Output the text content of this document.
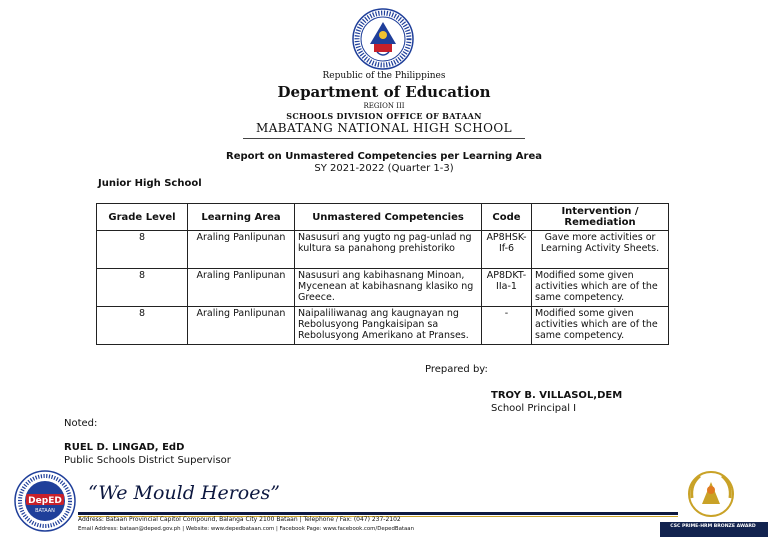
Republic of the Philippines
Department of Education
REGION III
SCHOOLS DIVISION OFFICE OF BATAAN
MABATANG NATIONAL HIGH SCHOOL
Report on Unmastered Competencies per Learning Area
SY 2021-2022 (Quarter 1-3)
Junior High School
Grade Level	Learning Area	Unmastered Competencies	Code	Intervention / Remediation
8	Araling Panlipunan	Nasusuri ang yugto ng pag-unlad ng kultura sa panahong prehistoriko	AP8HSK-If-6	Gave more activities or Learning Activity Sheets.
8	Araling Panlipunan	Nasusuri ang kabihasnang Minoan, Mycenean at kabihasnang klasiko ng Greece.	AP8DKT-IIa-1	Modified some given activities which are of the same competency.
8	Araling Panlipunan	Naipaliliwanag ang kaugnayan ng Rebolusyong Pangkaisipan sa Rebolusyong Amerikano at Pranses.	-	Modified some given activities which are of the same competency.
Prepared by:
TROY B. VILLASOL,DEM
School Principal I
Noted:
RUEL D. LINGAD, EdD
Public Schools District Supervisor
DepED
BATAAN
“We Mould Heroes”
Address: Bataan Provincial Capitol Compound, Balanga City 2100 Bataan | Telephone / Fax: (047) 237-2102
Email Address: bataan@deped.gov.ph | Website: www.depedbataan.com | Facebook Page: www.facebook.com/DepedBataan	CSC PRIME-HRM BRONZE AWARD
